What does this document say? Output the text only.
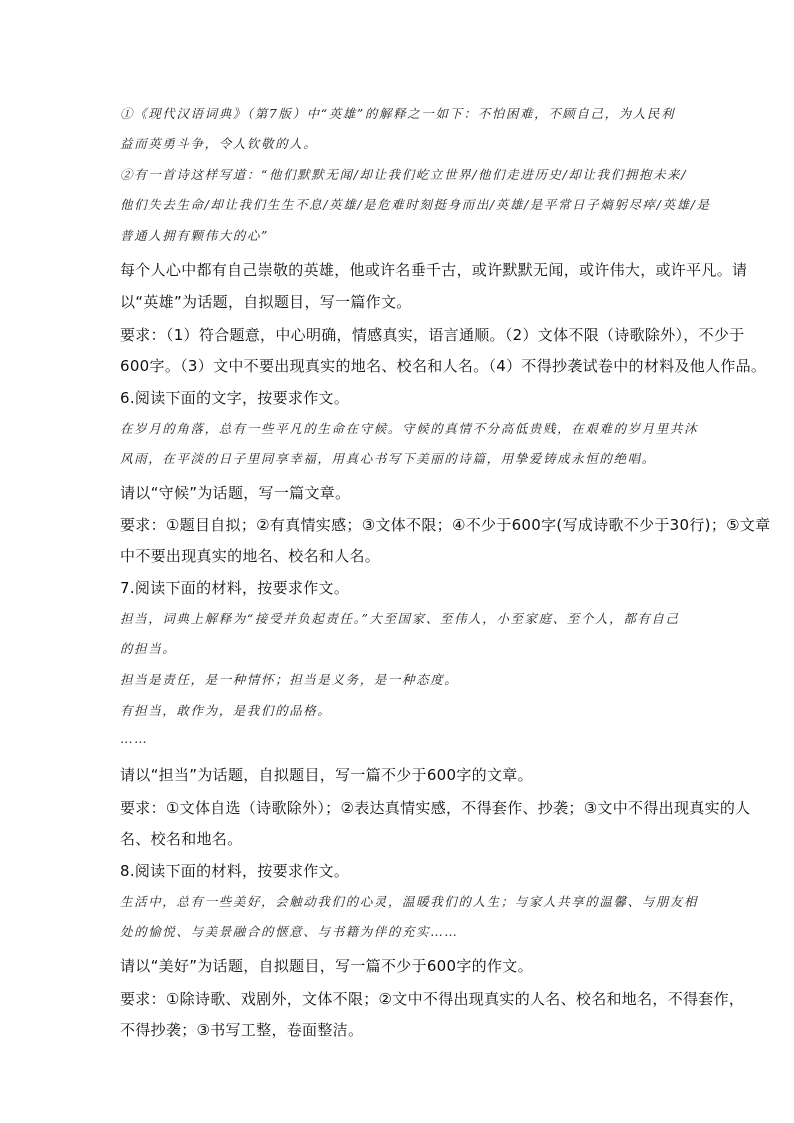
①《现代汉语词典》（第7版）中“英雄”的解释之一如下：不怕困难，不顾自己，为人民利
益而英勇斗争，令人钦敬的人。
②有一首诗这样写道：“他们默默无闻/却让我们屹立世界/他们走进历史/却让我们拥抱未来/
他们失去生命/却让我们生生不息/英雄/是危难时刻挺身而出/英雄/是平常日子熵躬尽瘁/英雄/是
普通人拥有颗伟大的心”
每个人心中都有自己崇敬的英雄，他或许名垂千古，或许默默无闻，或许伟大，或许平凡。请
以“英雄”为话题，自拟题目，写一篇作文。
要求：（1）符合题意，中心明确，情感真实，语言通顺。（2）文体不限（诗歌除外），不少于
600字。（3）文中不要出现真实的地名、校名和人名。（4）不得抄袭试卷中的材料及他人作品。
6.阅读下面的文字，按要求作文。
在岁月的角落，总有一些平凡的生命在守候。守候的真情不分高低贵贱，在艰难的岁月里共沐
风雨，在平淡的日子里同享幸福，用真心书写下美丽的诗篇，用挚爱铸成永恒的绝唱。
请以“守候”为话题，写一篇文章。
要求：①题目自拟；②有真情实感；③文体不限；④不少于600字(写成诗歌不少于30行)；⑤文章
中不要出现真实的地名、校名和人名。
7.阅读下面的材料，按要求作文。
担当，词典上解释为“接受并负起责任。”大至国家、至伟人，小至家庭、至个人，都有自己
的担当。
担当是责任，是一种情怀；担当是义务，是一种态度。
有担当，敢作为，是我们的品格。
……
请以“担当”为话题，自拟题目，写一篇不少于600字的文章。
要求：①文体自选（诗歌除外）；②表达真情实感，不得套作、抄袭；③文中不得出现真实的人
名、校名和地名。
8.阅读下面的材料，按要求作文。
生活中，总有一些美好，会触动我们的心灵，温暖我们的人生；与家人共享的温馨、与朋友相
处的愉悦、与美景融合的惬意、与书籍为伴的充实……
请以“美好”为话题，自拟题目，写一篇不少于600字的作文。
要求：①除诗歌、戏剧外，文体不限；②文中不得出现真实的人名、校名和地名，不得套作，
不得抄袭；③书写工整，卷面整洁。
